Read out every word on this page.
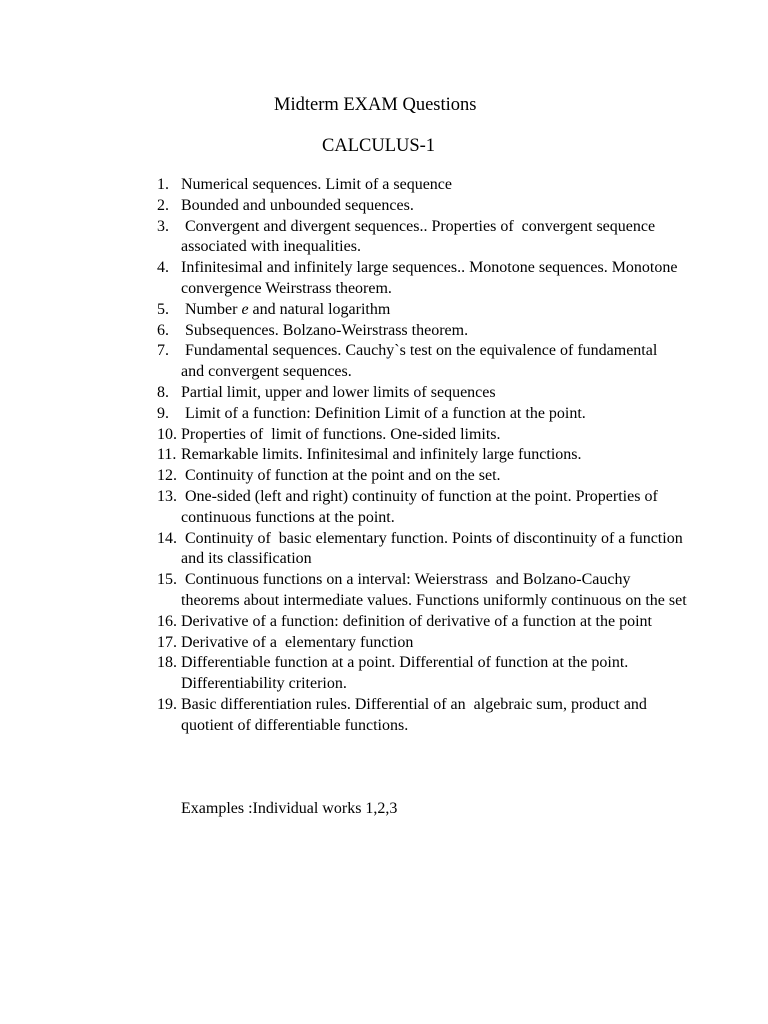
Midterm EXAM Questions
CALCULUS-1
1. Numerical sequences. Limit of a sequence
2. Bounded and unbounded sequences.
3. Convergent and divergent sequences.. Properties of  convergent sequence associated with inequalities.
4. Infinitesimal and infinitely large sequences.. Monotone sequences. Monotone convergence Weirstrass theorem.
5. Number e and natural logarithm
6. Subsequences. Bolzano-Weirstrass theorem.
7. Fundamental sequences. Cauchy`s test on the equivalence of fundamental  and convergent sequences.
8. Partial limit, upper and lower limits of sequences
9. Limit of a function: Definition Limit of a function at the point.
10. Properties of  limit of functions. One-sided limits.
11. Remarkable limits. Infinitesimal and infinitely large functions.
12. Continuity of function at the point and on the set.
13. One-sided (left and right) continuity of function at the point. Properties of  continuous functions at the point.
14. Continuity of  basic elementary function. Points of discontinuity of a function and its classification
15. Continuous functions on a interval: Weierstrass  and Bolzano-Cauchy theorems about intermediate values. Functions uniformly continuous on the set
16. Derivative of a function: definition of derivative of a function at the point
17. Derivative of a  elementary function
18. Differentiable function at a point. Differential of function at the point. Differentiability criterion.
19. Basic differentiation rules. Differential of an  algebraic sum, product and quotient of differentiable functions.
Examples :Individual works 1,2,3
